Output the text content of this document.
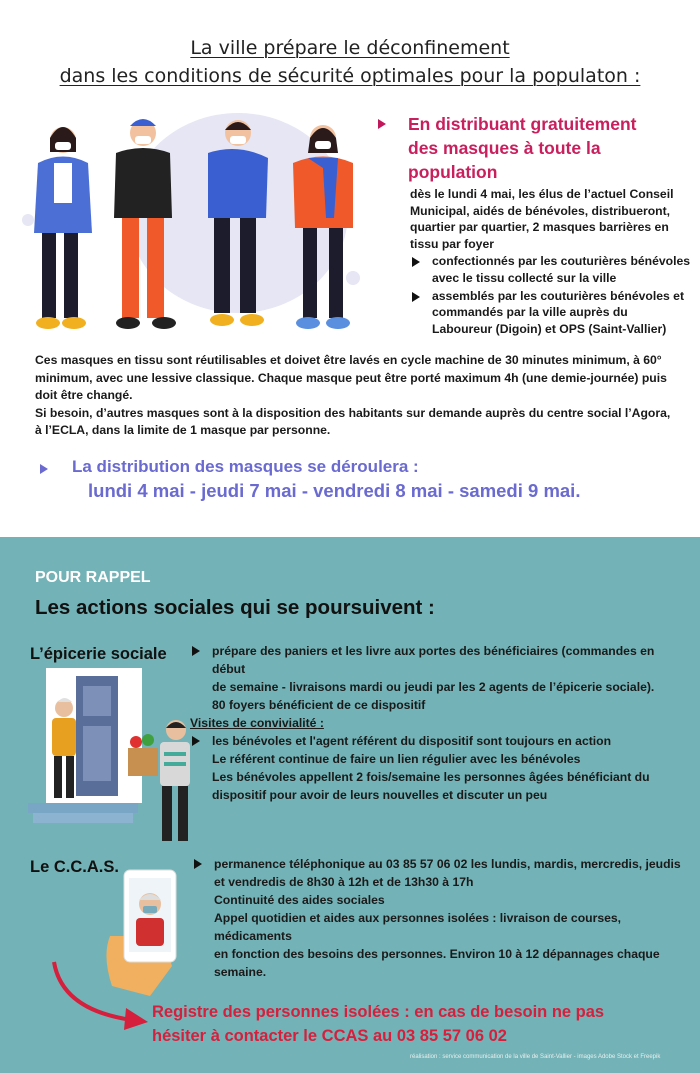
La ville prépare le déconfinement
dans les conditions de sécurité optimales pour la populaton :
En distribuant gratuitement
des masques à toute la
population
dès le lundi 4 mai, les élus de l’actuel Conseil
Municipal, aidés de bénévoles, distribueront,
quartier par quartier, 2 masques barrières en
tissu par foyer
confectionnés par les couturières bénévoles
avec le tissu collecté sur la ville
assemblés par les couturières bénévoles et
commandés par la ville auprès du
Laboureur (Digoin) et OPS (Saint-Vallier)

Ces masques en tissu sont réutilisables et doivet être lavés en cycle machine de 30 minutes minimum, à 60°

minimum, avec une lessive classique. Chaque masque peut être porté maximum 4h (une demie-journée) puis

doit être changé.

Si besoin, d’autres masques sont à la disposition des habitants sur demande auprès du centre social l’Agora,

à l’ECLA, dans la limite de 1 masque par personne.

La distribution des masques se déroulera :
lundi 4 mai - jeudi 7 mai - vendredi 8 mai - samedi 9 mai.
POUR RAPPEL
Les actions sociales qui se poursuivent :
L’épicerie sociale	prépare des paniers et les livre aux portes des bénéficiaires (commandes en début
de semaine - livraisons mardi ou jeudi par les 2 agents de l’épicerie sociale).
80 foyers bénéficient de ce dispositif
Visites de convivialité :
les bénévoles et l'agent référent du dispositif sont toujours en action
Le référent continue de faire un lien régulier avec les bénévoles
Les bénévoles appellent 2 fois/semaine les personnes âgées bénéficiant du
dispositif pour avoir de leurs nouvelles et discuter un peu
Le C.C.A.S.	permanence téléphonique au 03 85 57 06 02 les lundis, mardis, mercredis, jeudis
et vendredis de 8h30 à 12h et de 13h30 à 17h
Continuité des aides sociales
Appel quotidien et aides aux personnes isolées : livraison de courses, médicaments
en fonction des besoins des personnes. Environ 10 à 12 dépannages chaque
semaine.
Registre des personnes isolées : en cas de besoin ne pas
hésiter à contacter le CCAS au 03 85 57 06 02
réalisation : service communication de la ville de Saint-Vallier - images Adobe Stock et Freepik
